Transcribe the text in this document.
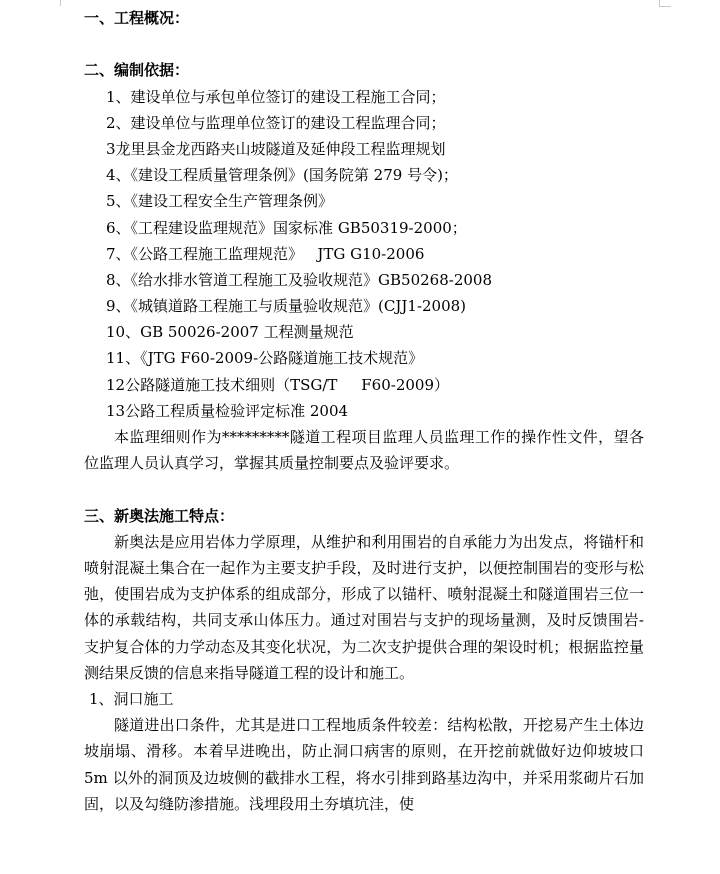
一、工程概况：
二、编制依据：
1、建设单位与承包单位签订的建设工程施工合同；
2、建设单位与监理单位签订的建设工程监理合同；
3龙里县金龙西路夹山坡隧道及延伸段工程监理规划
4、《建设工程质量管理条例》(国务院第 279 号令)；
5、《建设工程安全生产管理条例》
6、《工程建设监理规范》国家标准 GB50319-2000；
7、《公路工程施工监理规范》   JTG G10-2006
8、《给水排水管道工程施工及验收规范》GB50268-2008
9、《城镇道路工程施工与质量验收规范》(CJJ1-2008)
10、GB 50026-2007 工程测量规范
11、《JTG F60-2009-公路隧道施工技术规范》
12公路隧道施工技术细则（TSG/T     F60-2009）
13公路工程质量检验评定标准 2004
本监理细则作为*********隧道工程项目监理人员监理工作的操作性文件，望各位监理人员认真学习，掌握其质量控制要点及验评要求。
三、新奥法施工特点：
新奥法是应用岩体力学原理，从维护和利用围岩的自承能力为出发点，将锚杆和喷射混凝土集合在一起作为主要支护手段，及时进行支护，以便控制围岩的变形与松弛，使围岩成为支护体系的组成部分，形成了以锚杆、喷射混凝土和隧道围岩三位一体的承载结构，共同支承山体压力。通过对围岩与支护的现场量测，及时反馈围岩-支护复合体的力学动态及其变化状况，为二次支护提供合理的架设时机；根据监控量测结果反馈的信息来指导隧道工程的设计和施工。
1、洞口施工
隧道进出口条件，尤其是进口工程地质条件较差：结构松散，开挖易产生土体边坡崩塌、滑移。本着早进晚出，防止洞口病害的原则，在开挖前就做好边仰坡坡口 5m 以外的洞顶及边坡侧的截排水工程，将水引排到路基边沟中，并采用浆砌片石加固，以及勾缝防渗措施。浅埋段用土夯填坑洼，使
